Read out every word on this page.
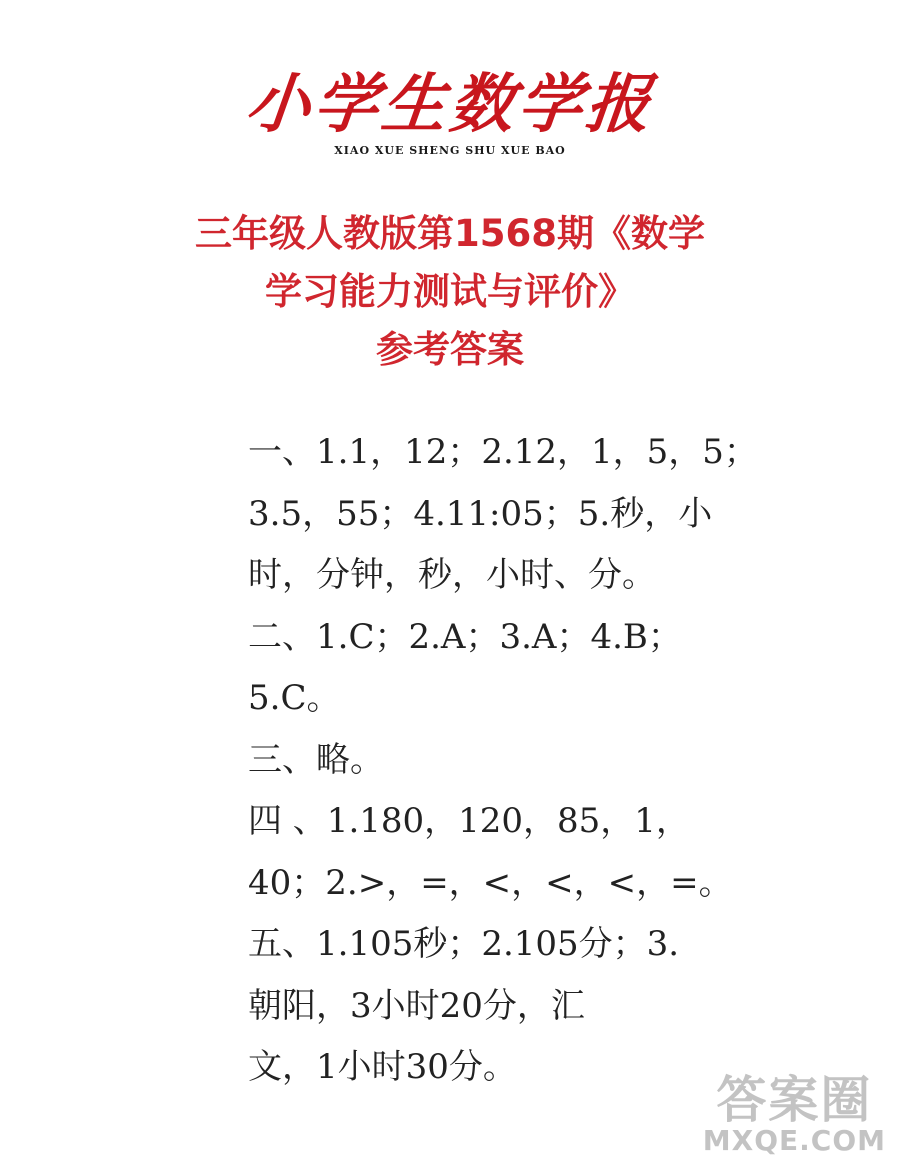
小学生数学报
XIAO XUE SHENG SHU XUE BAO
三年级人教版第1568期《数学
学习能力测试与评价》
参考答案
一、1.1，12；2.12，1，5，5；
3.5，55；4.11:05；5.秒，小
时，分钟，秒，小时、分。
二、1.C；2.A；3.A；4.B；
5.C。
三、略。
四 、1.180，120，85，1，
40；2.>，=，<，<，<，=。
五、1.105秒；2.105分；3.
朝阳，3小时20分，汇
文，1小时30分。
答案圈
MXQE.COM
